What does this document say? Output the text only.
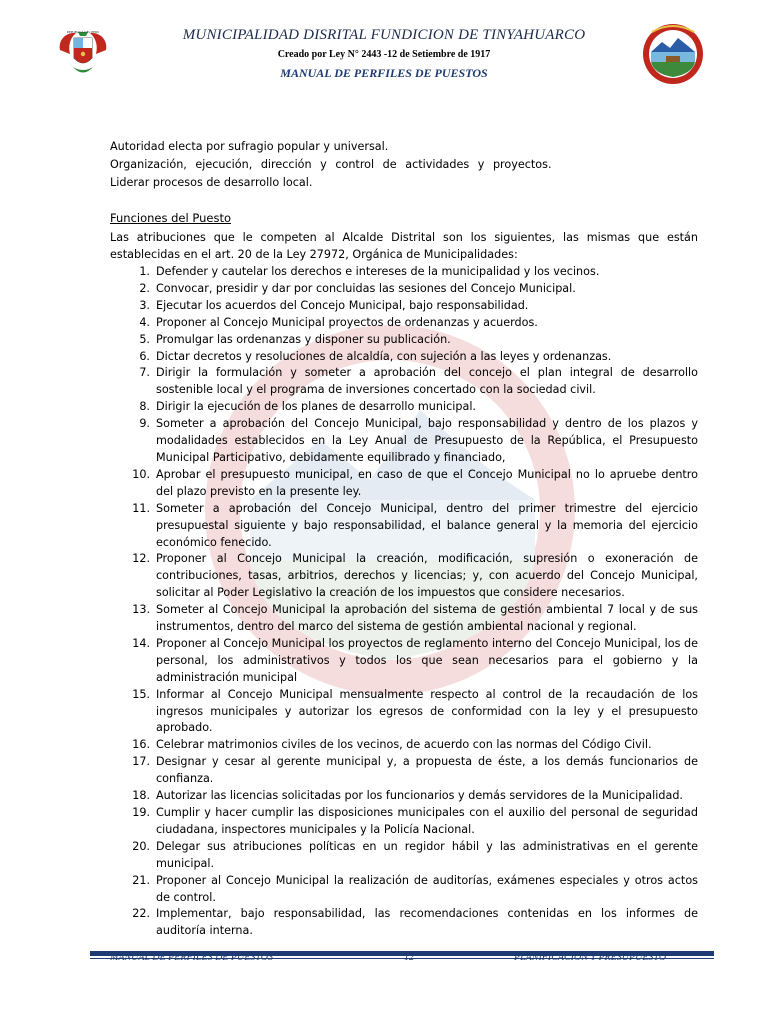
REPUBLICA DEL PERU	MUNICIPALIDAD DISRITAL FUNDICION DE TINYAHUARCO
Creado por Ley N° 2443 -12 de Setiembre de 1917
MANUAL DE PERFILES DE PUESTOS
Autoridad electa por sufragio popular y universal.
Organización, ejecución, dirección y control de actividades y proyectos.
Liderar procesos de desarrollo local.
Funciones del Puesto
Las atribuciones que le competen al Alcalde Distrital son los siguientes, las mismas que están establecidas en el art. 20 de la Ley 27972, Orgánica de Municipalidades:
1. Defender y cautelar los derechos e intereses de la municipalidad y los vecinos.
2. Convocar, presidir y dar por concluidas las sesiones del Concejo Municipal.
3. Ejecutar los acuerdos del Concejo Municipal, bajo responsabilidad.
4. Proponer al Concejo Municipal proyectos de ordenanzas y acuerdos.
5. Promulgar las ordenanzas y disponer su publicación.
6. Dictar decretos y resoluciones de alcaldía, con sujeción a las leyes y ordenanzas.
7. Dirigir la formulación y someter a aprobación del concejo el plan integral de desarrollo sostenible local y el programa de inversiones concertado con la sociedad civil.
8. Dirigir la ejecución de los planes de desarrollo municipal.
9. Someter a aprobación del Concejo Municipal, bajo responsabilidad y dentro de los plazos y modalidades establecidos en la Ley Anual de Presupuesto de la República, el Presupuesto Municipal Participativo, debidamente equilibrado y financiado,
10. Aprobar el presupuesto municipal, en caso de que el Concejo Municipal no lo apruebe dentro del plazo previsto en la presente ley.
11. Someter a aprobación del Concejo Municipal, dentro del primer trimestre del ejercicio presupuestal siguiente y bajo responsabilidad, el balance general y la memoria del ejercicio económico fenecido.
12. Proponer al Concejo Municipal la creación, modificación, supresión o exoneración de contribuciones, tasas, arbitrios, derechos y licencias; y, con acuerdo del Concejo Municipal, solicitar al Poder Legislativo la creación de los impuestos que considere necesarios.
13. Someter al Concejo Municipal la aprobación del sistema de gestión ambiental 7 local y de sus instrumentos, dentro del marco del sistema de gestión ambiental nacional y regional.
14. Proponer al Concejo Municipal los proyectos de reglamento interno del Concejo Municipal, los de personal, los administrativos y todos los que sean necesarios para el gobierno y la administración municipal
15. Informar al Concejo Municipal mensualmente respecto al control de la recaudación de los ingresos municipales y autorizar los egresos de conformidad con la ley y el presupuesto aprobado.
16. Celebrar matrimonios civiles de los vecinos, de acuerdo con las normas del Código Civil.
17. Designar y cesar al gerente municipal y, a propuesta de éste, a los demás funcionarios de confianza.
18. Autorizar las licencias solicitadas por los funcionarios y demás servidores de la Municipalidad.
19. Cumplir y hacer cumplir las disposiciones municipales con el auxilio del personal de seguridad ciudadana, inspectores municipales y la Policía Nacional.
20. Delegar sus atribuciones políticas en un regidor hábil y las administrativas en el gerente municipal.
21. Proponer al Concejo Municipal la realización de auditorías, exámenes especiales y otros actos de control.
22. Implementar, bajo responsabilidad, las recomendaciones contenidas en los informes de auditoría interna.
